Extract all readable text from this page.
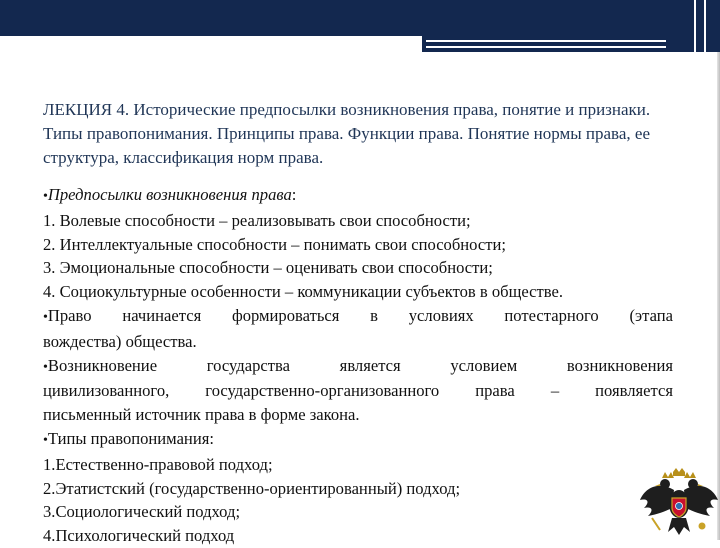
ЛЕКЦИЯ 4. Исторические предпосылки возникновения права, понятие и признаки. Типы правопонимания. Принципы права. Функции права. Понятие нормы права, ее структура, классификация норм права.

•Предпосылки возникновения права:

1. Волевые способности – реализовывать свои способности;

2. Интеллектуальные способности – понимать свои способности;

3. Эмоциональные способности – оценивать свои способности;

4. Социокультурные особенности – коммуникации субъектов в обществе.

•Право начинается формироваться в условиях потестарного (этапа

вождества) общества.

•Возникновение государства является условием возникновения

цивилизованного, государственно-организованного права – появляется

письменный источник права в форме закона.

•Типы правопонимания:

1.Естественно-правовой подход;

2.Этатистский (государственно-ориентированный) подход;

3.Социологический подход;

4.Психологический подход
